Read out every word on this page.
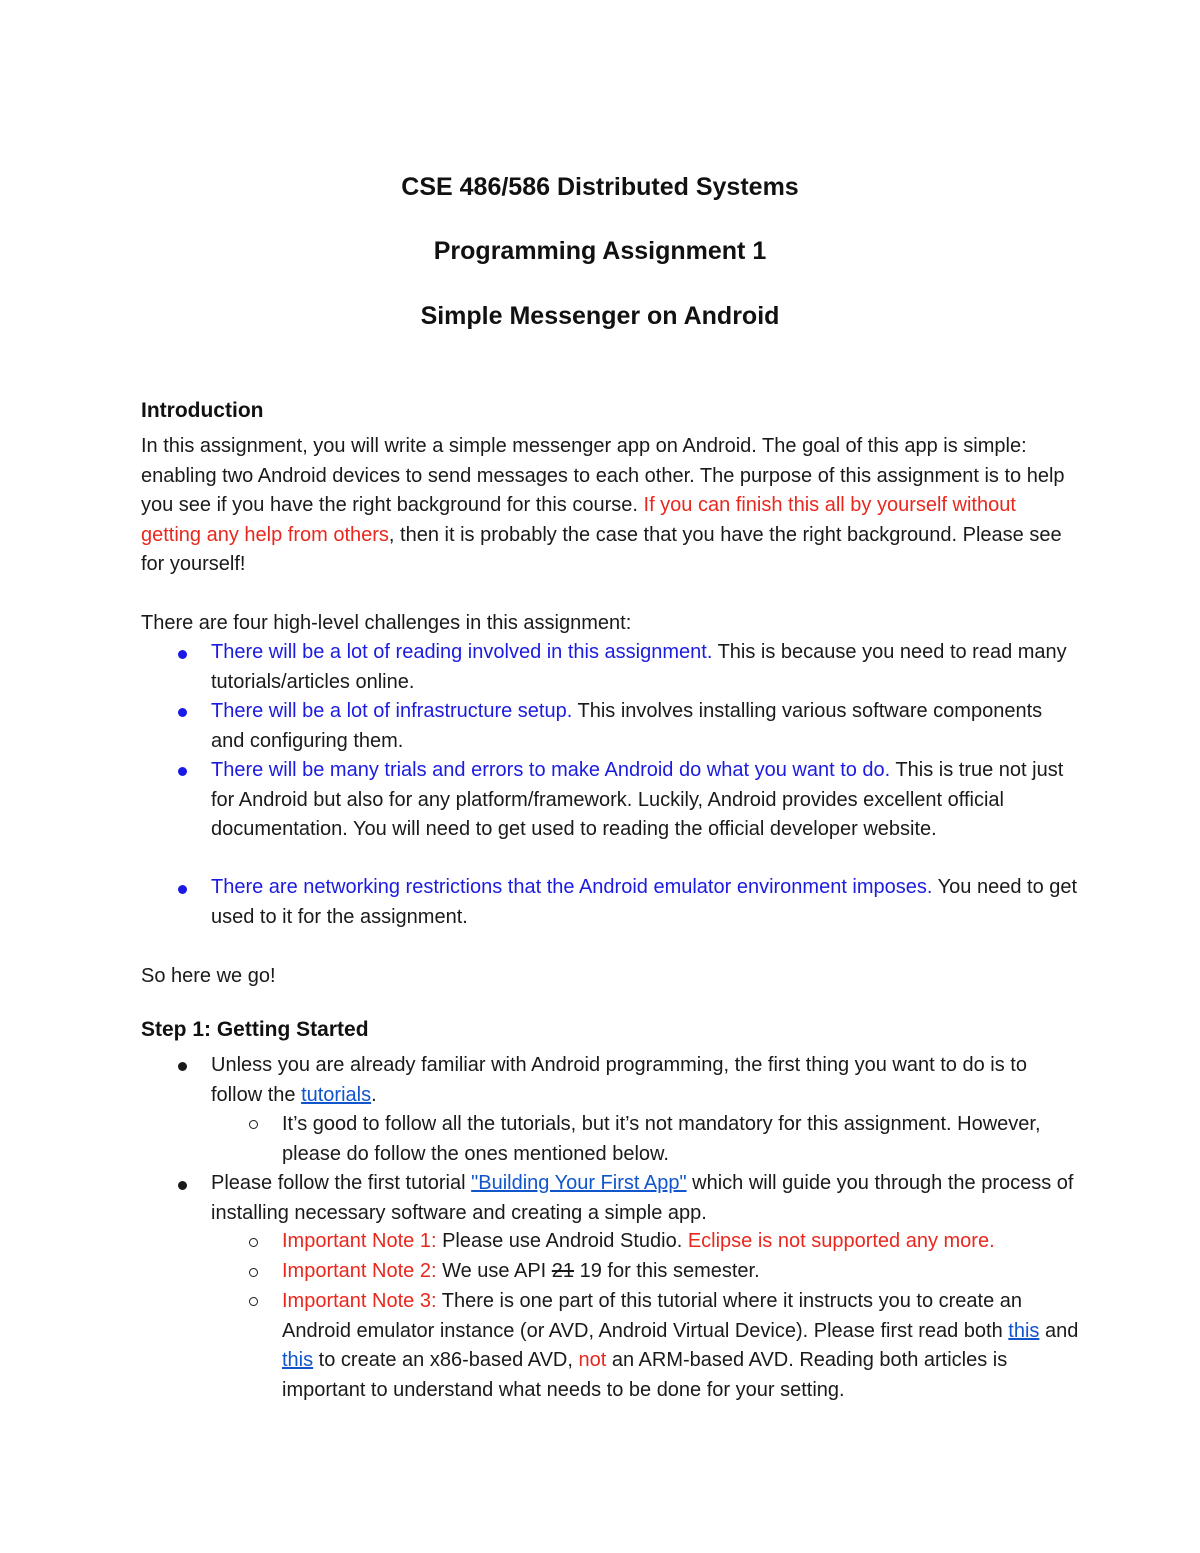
CSE 486/586 Distributed Systems
Programming Assignment 1
Simple Messenger on Android
Introduction

In this assignment, you will write a simple messenger app on Android. The goal of this app is simple: enabling two Android devices to send messages to each other. The purpose of this assignment is to help you see if you have the right background for this course. If you can finish this all by yourself without getting any help from others, then it is probably the case that you have the right background. Please see for yourself!

There are four high-level challenges in this assignment:

There will be a lot of reading involved in this assignment. This is because you need to read many tutorials/articles online.

There will be a lot of infrastructure setup. This involves installing various software components and configuring them.

There will be many trials and errors to make Android do what you want to do. This is true not just for Android but also for any platform/framework. Luckily, Android provides excellent official documentation. You will need to get used to reading the official developer website.

There are networking restrictions that the Android emulator environment imposes. You need to get used to it for the assignment.

So here we go!

Step 1: Getting Started

Unless you are already familiar with Android programming, the first thing you want to do is to follow the tutorials.

It’s good to follow all the tutorials, but it’s not mandatory for this assignment. However, please do follow the ones mentioned below.

Please follow the first tutorial "Building Your First App" which will guide you through the process of installing necessary software and creating a simple app.

Important Note 1: Please use Android Studio. Eclipse is not supported any more.

Important Note 2: We use API 21 19 for this semester.

Important Note 3: There is one part of this tutorial where it instructs you to create an Android emulator instance (or AVD, Android Virtual Device). Please first read both this and this to create an x86-based AVD, not an ARM-based AVD. Reading both articles is important to understand what needs to be done for your setting.
